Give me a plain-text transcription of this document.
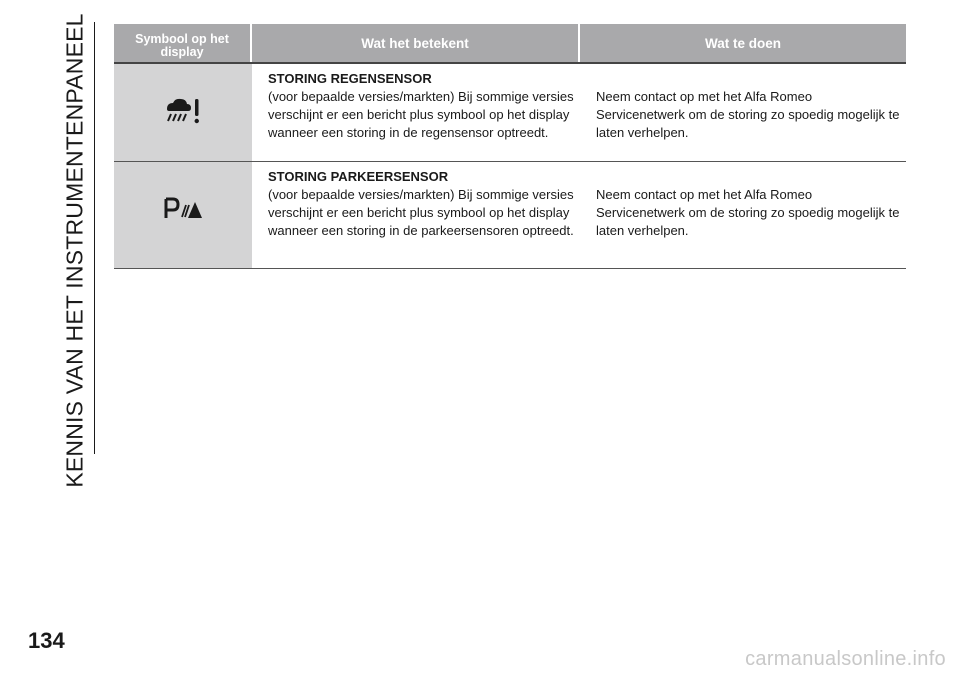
KENNIS VAN HET INSTRUMENTENPANEEL	Symbool op het display
Wat het betekent	Wat te doen
STORING REGENSENSOR
(voor bepaalde versies/markten) Bij sommige versies verschijnt er een bericht plus symbool op het display wanneer een storing in de regensensor optreedt.
Neem contact op met het Alfa Romeo Servicenetwerk om de storing zo spoedig mogelijk te laten verhelpen.
STORING PARKEERSENSOR
(voor bepaalde versies/markten) Bij sommige versies verschijnt er een bericht plus symbool op het display wanneer een storing in de parkeersensoren optreedt.
Neem contact op met het Alfa Romeo Servicenetwerk om de storing zo spoedig mogelijk te laten verhelpen.
134
carmanualsonline.info
